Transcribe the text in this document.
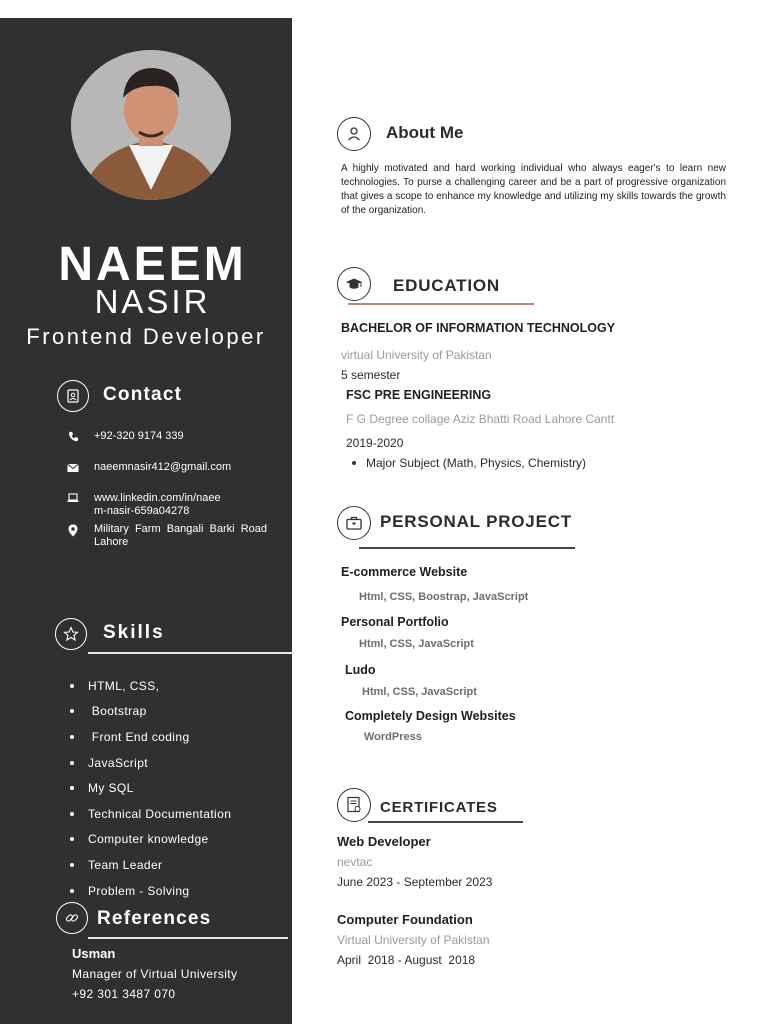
NAEEM
NASIR
Frontend Developer
Contact
+92-320 9174 339
naeemnasir412@gmail.com
www.linkedin.com/in/naee
m-nasir-659a04278
Military  Farm  Bangali  Barki  Road
Lahore
Skills
HTML, CSS,
Bootstrap
Front End coding
JavaScript
My SQL
Technical Documentation
Computer knowledge
Team Leader
Problem - Solving
References
Usman
Manager of Virtual University
+92 301 3487 070
About Me
A highly motivated and hard working individual who always eager's to learn new technologies. To purse a challenging career and be a part of progressive organization that gives a scope to enhance my knowledge and utilizing my skills towards the growth of the organization.
EDUCATION
BACHELOR OF INFORMATION TECHNOLOGY
virtual University of Pakistan
5 semester
FSC PRE ENGINEERING
F G Degree collage Aziz Bhatti Road Lahore Cantt
2019-2020
Major Subject (Math, Physics, Chemistry)
PERSONAL PROJECT
E-commerce Website
Html, CSS, Boostrap, JavaScript
Personal Portfolio
Html, CSS, JavaScript
Ludo
Html, CSS, JavaScript
Completely Design Websites
WordPress
CERTIFICATES
Web Developer
nevtac
June 2023 - September 2023
Computer Foundation
Virtual University of Pakistan
April  2018 - August  2018
